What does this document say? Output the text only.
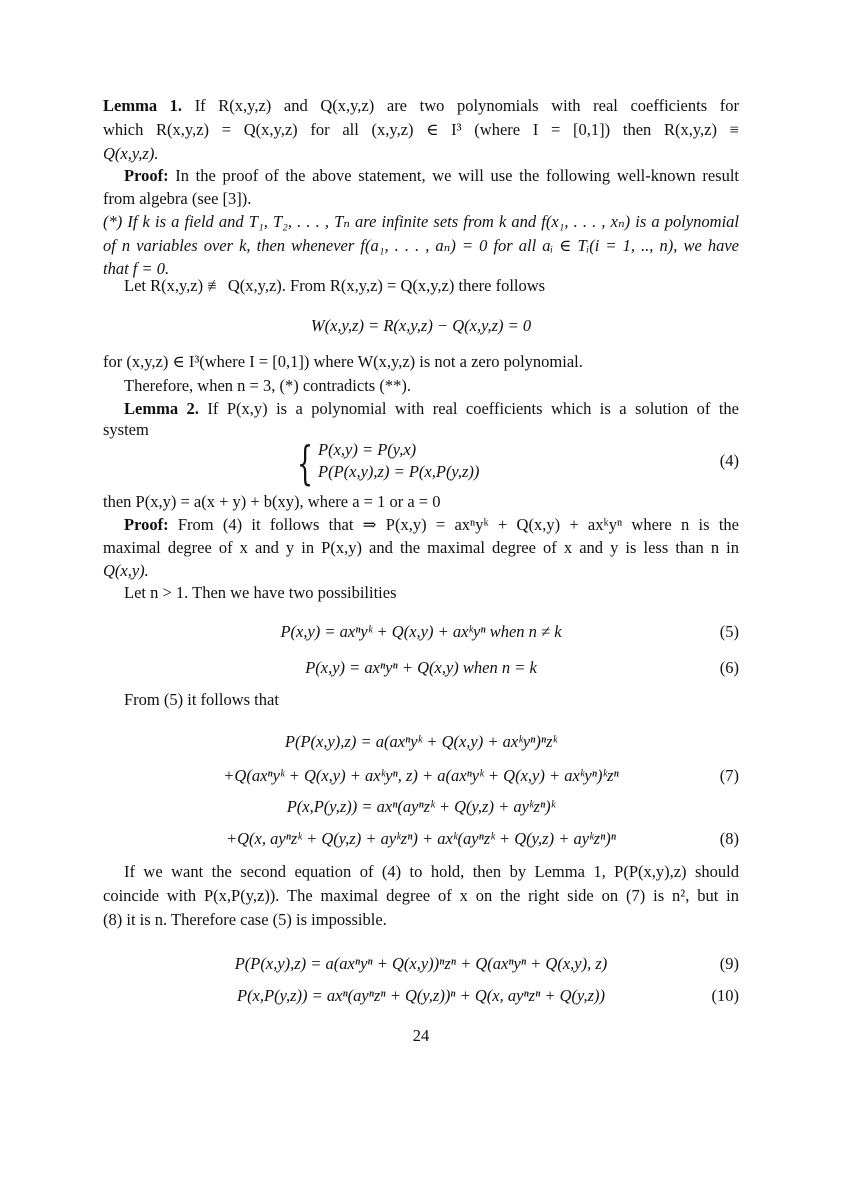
Lemma 1. If R(x,y,z) and Q(x,y,z) are two polynomials with real coefficients for
which R(x,y,z) = Q(x,y,z) for all (x,y,z) ∈ I³ (where I = [0,1]) then R(x,y,z) ≡
Q(x,y,z).
Proof: In the proof of the above statement, we will use the following well-known result
from algebra (see [3]).
(*) If k is a field and T₁, T₂, . . . , Tₙ are infinite sets from k and f(x₁, . . . , xₙ) is a polynomial
of n variables over k, then whenever f(a₁, . . . , aₙ) = 0 for all aᵢ ∈ Tᵢ(i = 1, .., n), we have
that f = 0.
Let R(x,y,z) ≢ Q(x,y,z). From R(x,y,z) = Q(x,y,z) there follows
W(x,y,z) = R(x,y,z) − Q(x,y,z) = 0
for (x,y,z) ∈ I³(where I = [0,1]) where W(x,y,z) is not a zero polynomial.
Therefore, when n = 3, (*) contradicts (**).
Lemma 2. If P(x,y) is a polynomial with real coefficients which is a solution of the
system
{ P(x,y) = P(y,x)
P(P(x,y),z) = P(x,P(y,z))
(4)
then P(x,y) = a(x + y) + b(xy), where a = 1 or a = 0
Proof: From (4) it follows that ⇒ P(x,y) = axⁿyᵏ + Q(x,y) + axᵏyⁿ where n is the
maximal degree of x and y in P(x,y) and the maximal degree of x and y is less than n in
Q(x,y).
Let n > 1. Then we have two possibilities
P(x,y) = axⁿyᵏ + Q(x,y) + axᵏyⁿ when n ≠ k	(5)
P(x,y) = axⁿyⁿ + Q(x,y) when n = k	(6)
From (5) it follows that
P(P(x,y),z) = a(axⁿyᵏ + Q(x,y) + axᵏyⁿ)ⁿzᵏ
+Q(axⁿyᵏ + Q(x,y) + axᵏyⁿ, z) + a(axⁿyᵏ + Q(x,y) + axᵏyⁿ)ᵏzⁿ	(7)
P(x,P(y,z)) = axⁿ(ayⁿzᵏ + Q(y,z) + ayᵏzⁿ)ᵏ
+Q(x, ayⁿzᵏ + Q(y,z) + ayᵏzⁿ) + axᵏ(ayⁿzᵏ + Q(y,z) + ayᵏzⁿ)ⁿ	(8)
If we want the second equation of (4) to hold, then by Lemma 1, P(P(x,y),z) should
coincide with P(x,P(y,z)). The maximal degree of x on the right side on (7) is n², but in
(8) it is n. Therefore case (5) is impossible.
P(P(x,y),z) = a(axⁿyⁿ + Q(x,y))ⁿzⁿ + Q(axⁿyⁿ + Q(x,y), z)	(9)
P(x,P(y,z)) = axⁿ(ayⁿzⁿ + Q(y,z))ⁿ + Q(x, ayⁿzⁿ + Q(y,z))	(10)
24
